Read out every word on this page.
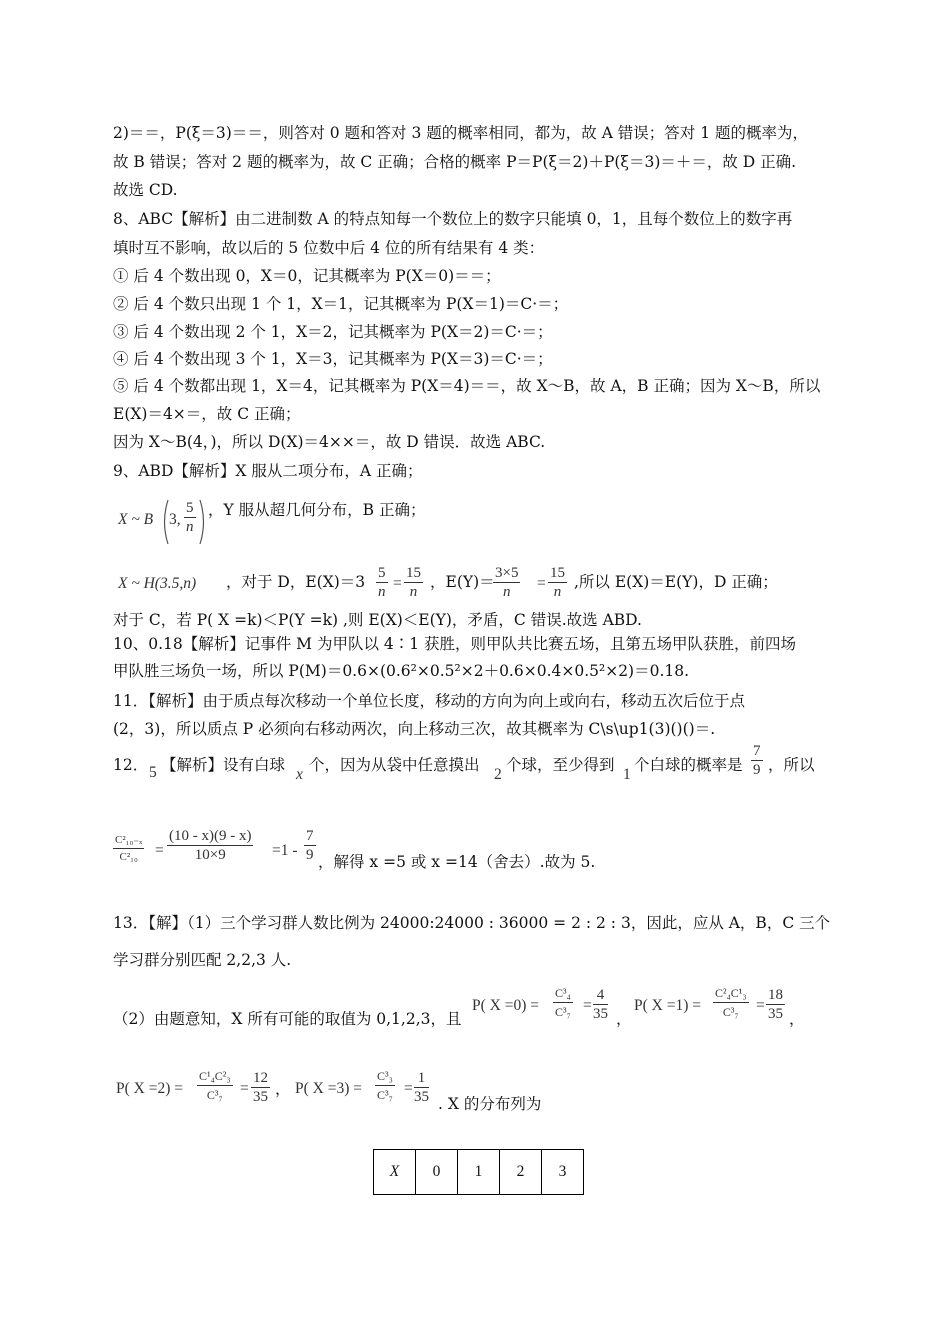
2)＝＝，P(ξ＝3)＝＝，则答对 0 题和答对 3 题的概率相同，都为，故 A 错误；答对 1 题的概率为，
故 B 错误；答对 2 题的概率为，故 C 正确；合格的概率 P＝P(ξ＝2)＋P(ξ＝3)＝＋＝，故 D 正确.
故选 CD.
8、ABC【解析】由二进制数 A 的特点知每一个数位上的数字只能填 0，1，且每个数位上的数字再
填时互不影响，故以后的 5 位数中后 4 位的所有结果有 4 类：
① 后 4 个数出现 0，X＝0，记其概率为 P(X＝0)＝＝；
② 后 4 个数只出现 1 个 1，X＝1，记其概率为 P(X＝1)＝C·＝；
③ 后 4 个数出现 2 个 1，X＝2，记其概率为 P(X＝2)＝C·＝；
④ 后 4 个数出现 3 个 1，X＝3，记其概率为 P(X＝3)＝C·＝；
⑤ 后 4 个数都出现 1，X＝4，记其概率为 P(X＝4)＝＝，故 X～B，故 A，B 正确；因为 X～B，所以
E(X)＝4×＝，故 C 正确；
因为 X～B(4，)，所以 D(X)＝4××＝，故 D 错误．故选 ABC.
9、ABD【解析】X 服从二项分布，A 正确；
X ~ B 3, $\frac{5}{n}$ ，Y 服从超几何分布，B 正确；
X ~ H(3.5,n) ，对于 D，$E(X)=3 \frac{5}{n} = \frac{15}{n}$ ，E(Y)＝
$\frac{3\times 5}{n} = \frac{15}{n}$ ,所以 E(X)＝E(Y)，D 正确；
对于 C，若 P( X =k)＜P(Y =k) ,则 E(X)＜E(Y)，矛盾，C 错误.故选 ABD.
10、0.18【解析】记事件 M 为甲队以 4∶1 获胜，则甲队共比赛五场，且第五场甲队获胜，前四场
甲队胜三场负一场，所以 P(M)＝0.6×(0.6²×0.5²×2＋0.6×0.4×0.5²×2)＝0.18.
11．【解析】由于质点每次移动一个单位长度，移动的方向为向上或向右，移动五次后位于点
(2，3)，所以质点 P 必须向右移动两次，向上移动三次，故其概率为 C\s\up1(3)()()＝.
12． 5 【解析】设有白球
x
个，因为从袋中任意摸出
2
个球，至少得到
1
个白球的概率是 $\frac{7}{9}$ ，所以
$\frac{\text{C²₁₀₋ₓ}}{\text{C²₁₀}} = \frac{(10 - x)(9 - x)}{10\times 9} =1 - \frac{7}{9}$ ，解得 x =5 或 x =14（舍去）.故为 5.
13．【解】（1）三个学习群人数比例为 24000:24000 : 36000 = 2 : 2 : 3，因此，应从 A，B，C 三个
学习群分别匹配 2,2,3 人.
（2）由题意知，X 所有可能的取值为 0,1,2,3，且
P( $X =0) = \frac{\text{C³₄}}{\text{C³₇}} = \frac{4}{35}$ ，
P( $X =1) = \frac{\text{C²₄C¹₃}}{\text{C³₇}} = \frac{18}{35}$ ，
P( $X =2) = \frac{\text{C¹₄C²₃}}{\text{C³₇}} = \frac{12}{35}$ ， P( $X =3) = \frac{\text{C³₃}}{\text{C³₇}} = \frac{1}{35}$ . X 的分布列为
X	0	1	2	3
